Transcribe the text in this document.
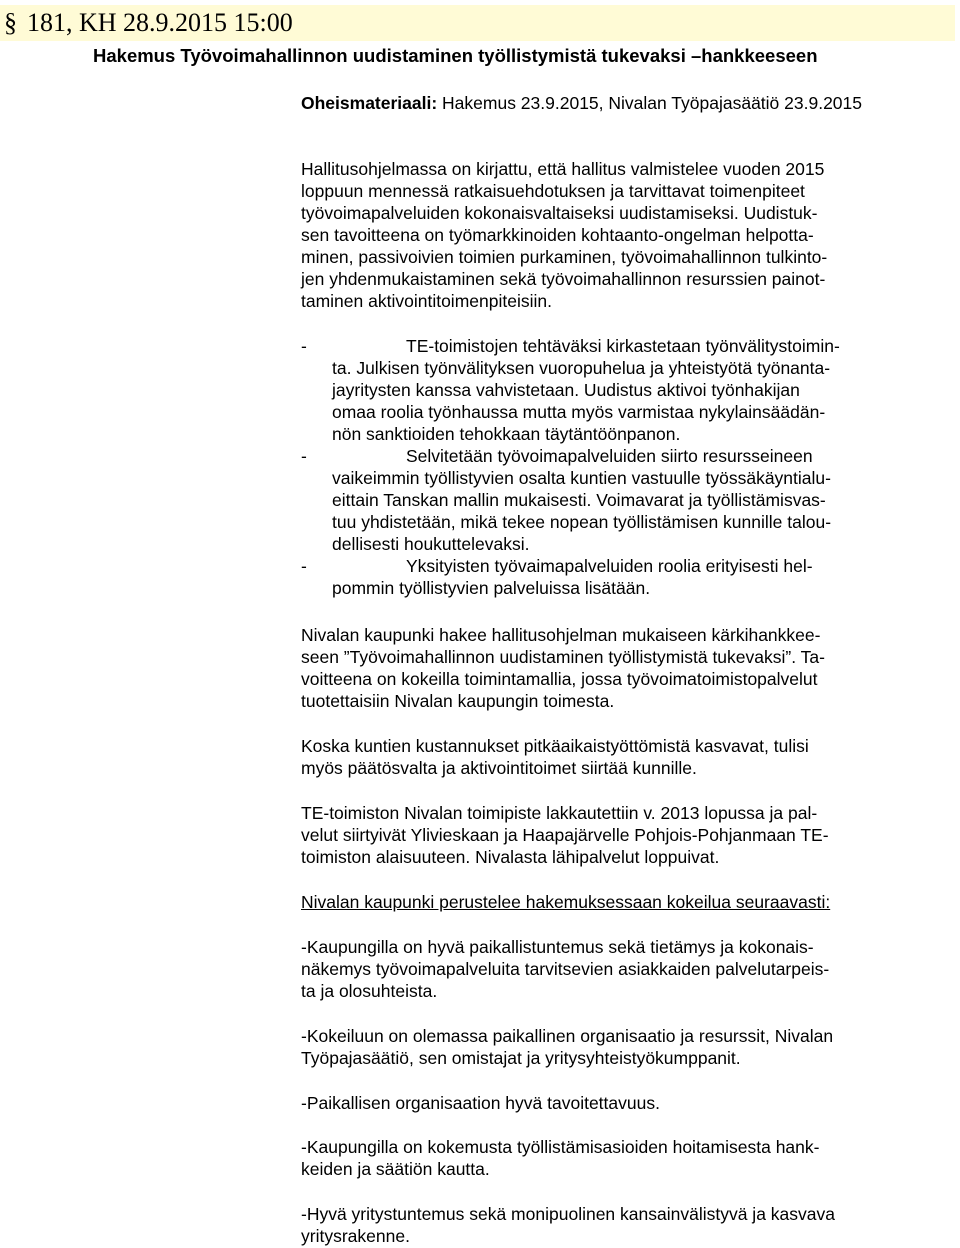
§ 181, KH 28.9.2015 15:00
Hakemus Työvoimahallinnon uudistaminen työllistymistä tukevaksi –hankkeeseen
Oheismateriaali: Hakemus 23.9.2015, Nivalan Työpajasäätiö 23.9.2015
Hallitusohjelmassa on kirjattu, että hallitus valmistelee vuoden 2015
loppuun mennessä ratkaisuehdotuksen ja tarvittavat toimenpiteet
työvoimapalveluiden kokonaisvaltaiseksi uudistamiseksi. Uudistuk-
sen tavoitteena on työmarkkinoiden kohtaanto-ongelman helpotta-
minen, passivoivien toimien purkaminen, työvoimahallinnon tulkinto-
jen yhdenmukaistaminen sekä työvoimahallinnon resurssien painot-
taminen aktivointitoimenpiteisiin.
-	TE-toimistojen tehtäväksi kirkastetaan työnvälitystoimin-
ta. Julkisen työnvälityksen vuoropuhelua ja yhteistyötä työnanta-
jayritysten kanssa vahvistetaan. Uudistus aktivoi työnhakijan
omaa roolia työnhaussa mutta myös varmistaa nykylainsäädän-
nön sanktioiden tehokkaan täytäntöönpanon.
-	Selvitetään työvoimapalveluiden siirto resursseineen
vaikeimmin työllistyvien osalta kuntien vastuulle työssäkäyntialu-
eittain Tanskan mallin mukaisesti. Voimavarat ja työllistämisvas-
tuu yhdistetään, mikä tekee nopean työllistämisen kunnille talou-
dellisesti houkuttelevaksi.
-	Yksityisten työvaimapalveluiden roolia erityisesti hel-
pommin työllistyvien palveluissa lisätään.
Nivalan kaupunki hakee hallitusohjelman mukaiseen kärkihankkee-
seen ”Työvoimahallinnon uudistaminen työllistymistä tukevaksi”. Ta-
voitteena on kokeilla toimintamallia, jossa työvoimatoimistopalvelut
tuotettaisiin Nivalan kaupungin toimesta.
Koska kuntien kustannukset pitkäaikaistyöttömistä kasvavat, tulisi
myös päätösvalta ja aktivointitoimet siirtää kunnille.
TE-toimiston Nivalan toimipiste lakkautettiin v. 2013 lopussa ja pal-
velut siirtyivät Ylivieskaan ja Haapajärvelle Pohjois-Pohjanmaan TE-
toimiston alaisuuteen. Nivalasta lähipalvelut loppuivat.
Nivalan kaupunki perustelee hakemuksessaan kokeilua seuraavasti:
-Kaupungilla on hyvä paikallistuntemus sekä tietämys ja kokonais-
näkemys työvoimapalveluita tarvitsevien asiakkaiden palvelutarpeis-
ta ja olosuhteista.
-Kokeiluun on olemassa paikallinen organisaatio ja resurssit, Nivalan
Työpajasäätiö, sen omistajat ja yritysyhteistyökumppanit.
-Paikallisen organisaation hyvä tavoitettavuus.
-Kaupungilla on kokemusta työllistämisasioiden hoitamisesta hank-
keiden ja säätiön kautta.
-Hyvä yritystuntemus sekä monipuolinen kansainvälistyvä ja kasvava
yritysrakenne.
